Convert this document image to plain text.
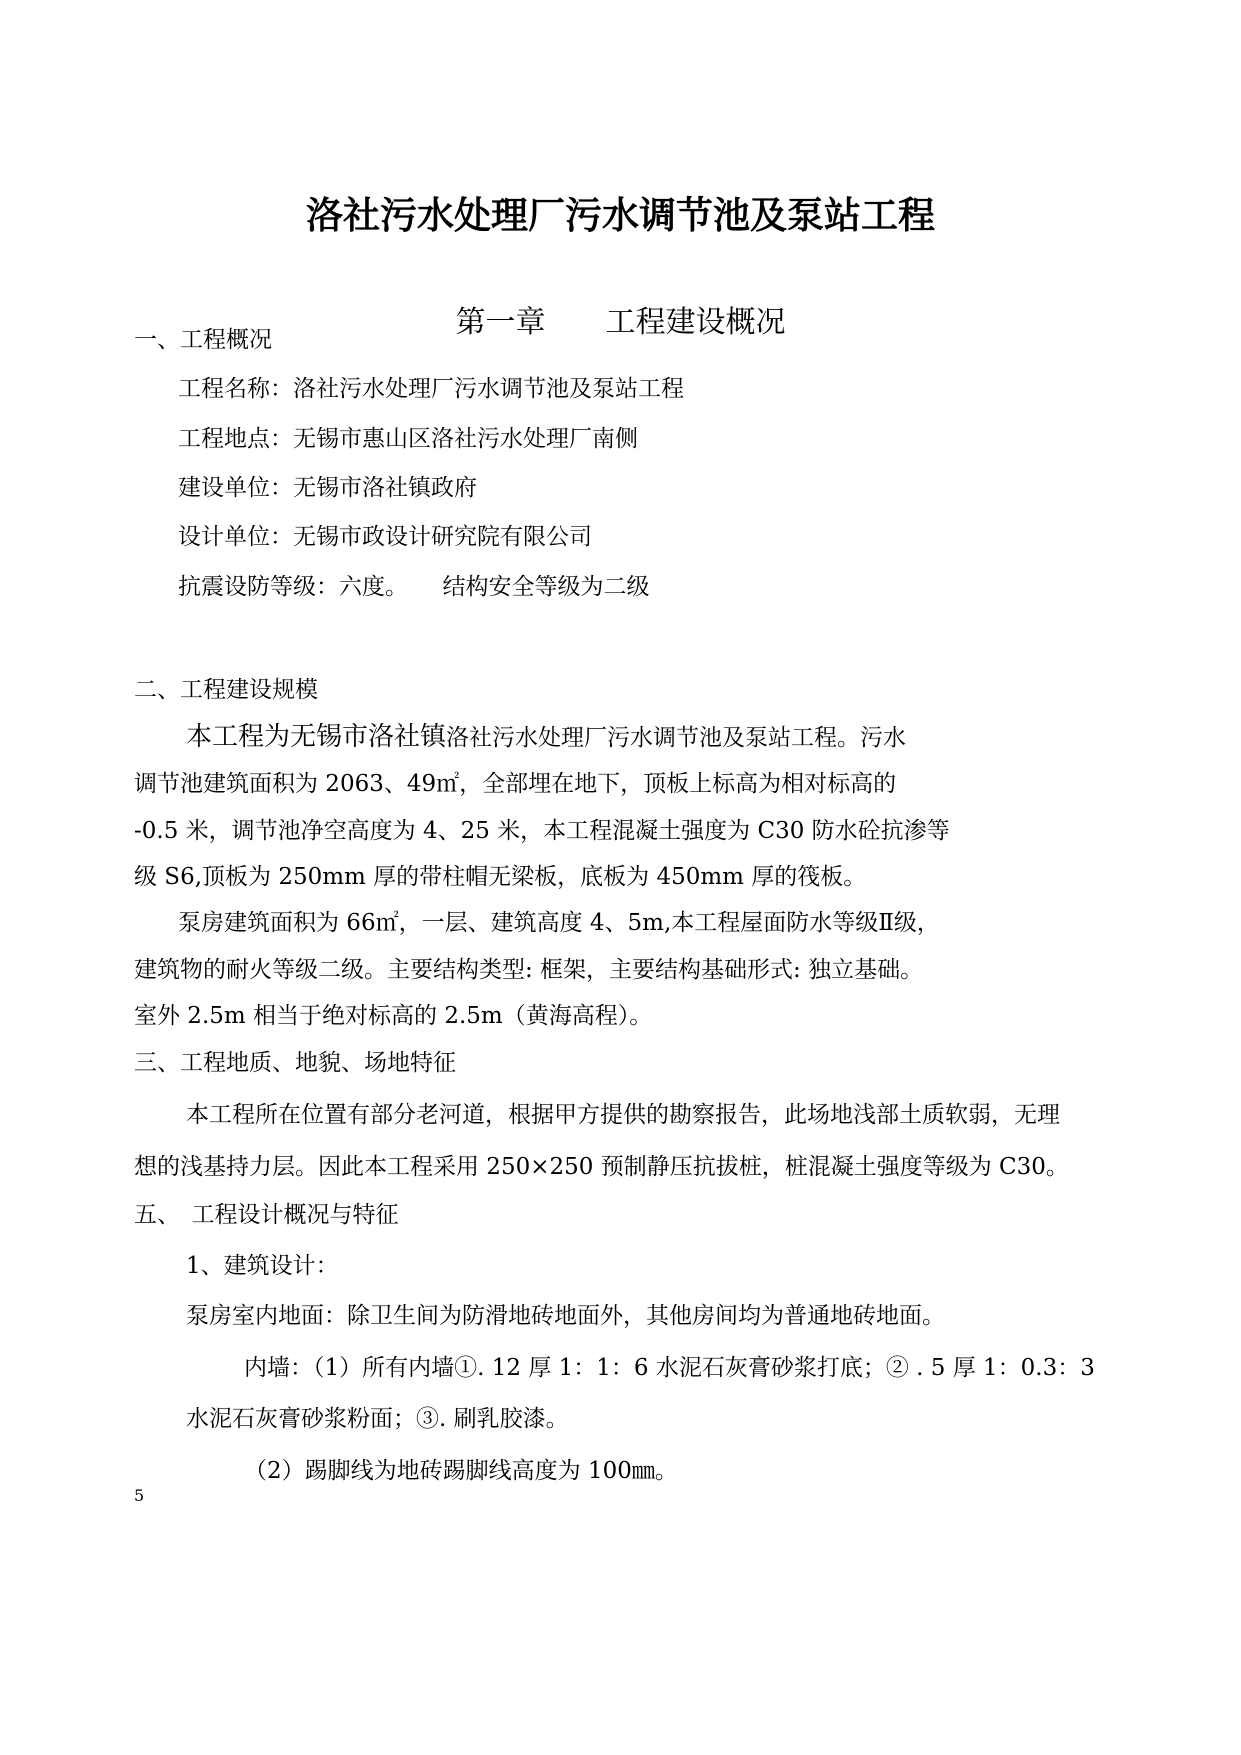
洛社污水处理厂污水调节池及泵站工程
第一章　　工程建设概况
一、工程概况
工程名称：洛社污水处理厂污水调节池及泵站工程
工程地点：无锡市惠山区洛社污水处理厂南侧
建设单位：无锡市洛社镇政府
设计单位：无锡市政设计研究院有限公司
抗震设防等级：六度。　　结构安全等级为二级
二、工程建设规模
本工程为无锡市洛社镇洛社污水处理厂污水调节池及泵站工程。污水
调节池建筑面积为 2063、49㎡，全部埋在地下，顶板上标高为相对标高的
-0.5 米，调节池净空高度为 4、25 米，本工程混凝土强度为 C30 防水砼抗渗等
级 S6,顶板为 250mm 厚的带柱帽无梁板，底板为 450mm 厚的筏板。
泵房建筑面积为 66㎡，一层、建筑高度 4、5m,本工程屋面防水等级Ⅱ级，
建筑物的耐火等级二级。主要结构类型: 框架，主要结构基础形式: 独立基础。
室外 2.5m 相当于绝对标高的 2.5m（黄海高程）。
三、工程地质、地貌、场地特征
本工程所在位置有部分老河道，根据甲方提供的勘察报告，此场地浅部土质软弱，无理
想的浅基持力层。因此本工程采用 250×250 预制静压抗拔桩，桩混凝土强度等级为 C30。
五、　工程设计概况与特征
1、建筑设计：
泵房室内地面：除卫生间为防滑地砖地面外，其他房间均为普通地砖地面。
内墙：（1）所有内墙①. 12 厚 1：1：6 水泥石灰膏砂浆打底；② . 5 厚 1：0.3：3
水泥石灰膏砂浆粉面；③. 刷乳胶漆。
（2）踢脚线为地砖踢脚线高度为 100㎜。
5
